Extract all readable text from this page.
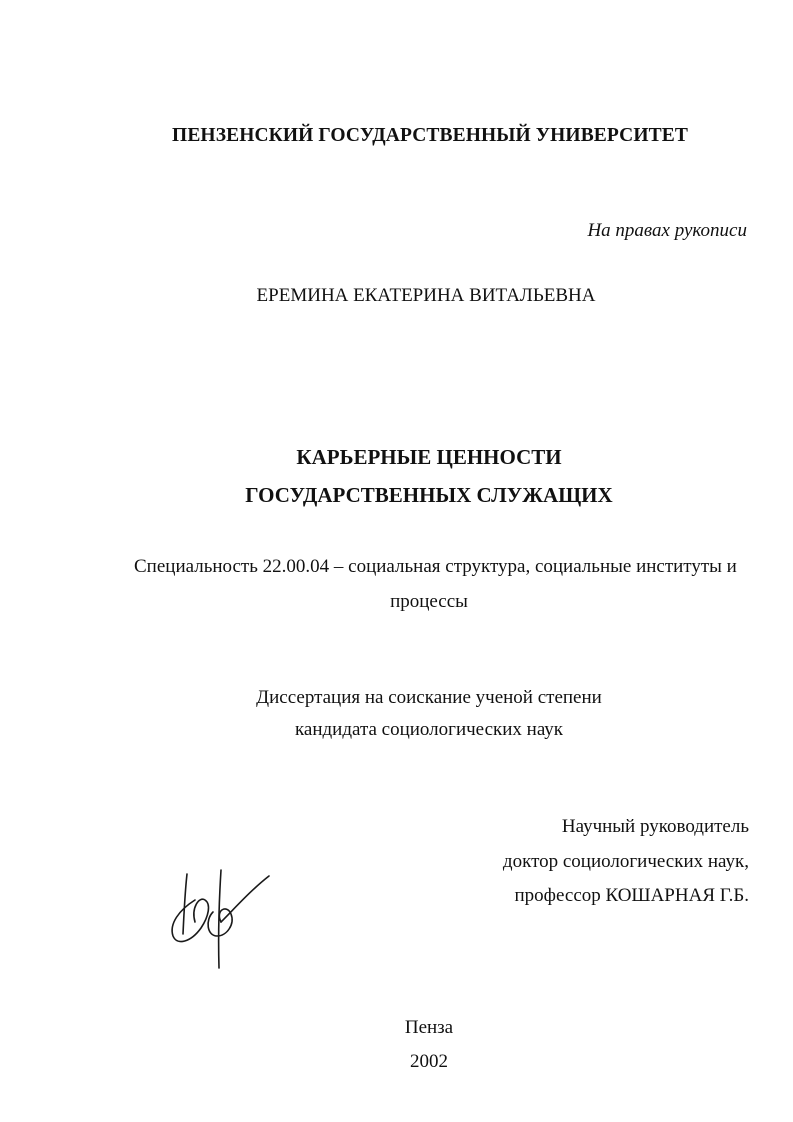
ПЕНЗЕНСКИЙ ГОСУДАРСТВЕННЫЙ УНИВЕРСИТЕТ
На правах рукописи
ЕРЕМИНА ЕКАТЕРИНА ВИТАЛЬЕВНА
КАРЬЕРНЫЕ ЦЕННОСТИ
ГОСУДАРСТВЕННЫХ СЛУЖАЩИХ
Специальность 22.00.04 – социальная структура, социальные институты и
процессы
Диссертация на соискание ученой степени
кандидата социологических наук
Научный руководитель
доктор социологических наук,
профессор КОШАРНАЯ Г.Б.
Пенза
2002
